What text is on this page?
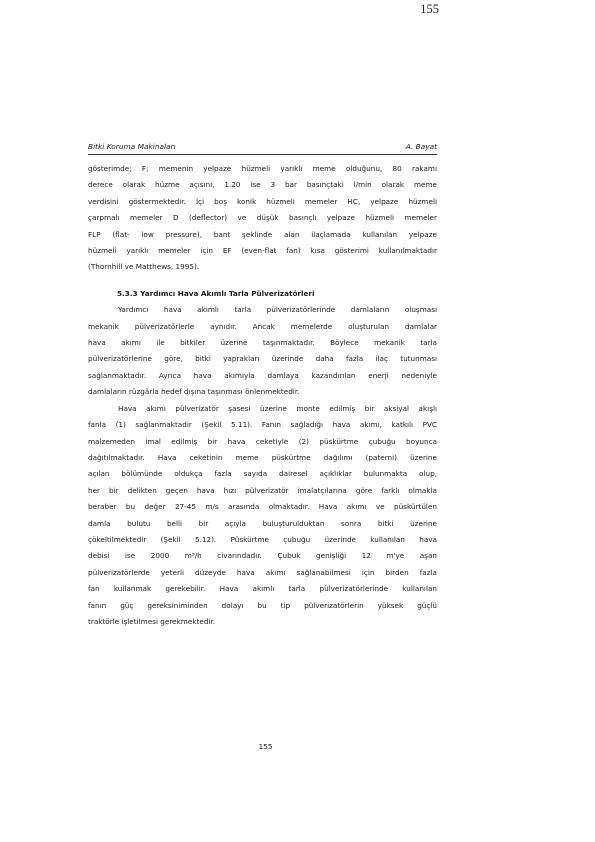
155
Bitki Koruma Makinaları	A. Bayat
gösterimde; F; memenin yelpaze hüzmeli yarıklı meme olduğunu, 80 rakamı
derece olarak hüzme açısını, 1.20 ise 3 bar basınçtaki l/min olarak meme
verdisini göstermektedir. İçi boş konik hüzmeli memeler HC, yelpaze hüzmeli
çarpmalı memeler D (deflector) ve düşük basınçlı yelpaze hüzmeli memeler
FLP (flat- low pressure), bant şeklinde alan ilaçlamada kullanılan yelpaze
hüzmeli yarıklı memeler için EF (even-flat fan) kısa gösterimi kullanılmaktadır
(Thornhill ve Matthews, 1995).
5.3.3 Yardımcı Hava Akımlı Tarla Pülverizatörleri
Yardımcı hava akımlı tarla pülverizatörlerinde damlaların oluşması
mekanik pülverizatörlerle aynıdır. Ancak memelerde oluşturulan damlalar
hava akımı ile bitkiler üzerine taşınmaktadır. Böylece mekanik tarla
pülverizatörlerine göre, bitki yaprakları üzerinde daha fazla ilaç tutunması
sağlanmaktadır. Ayrıca hava akımıyla damlaya kazandırılan enerji nedeniyle
damlaların rüzgârla hedef dışına taşınması önlenmektedir.
Hava akımı pülverizatör şasesi üzerine monte edilmiş bir aksiyal akışlı
fanla (1) sağlanmaktadır (Şekil 5.11). Fanın sağladığı hava akımı, katkılı PVC
malzemeden imal edilmiş bir hava ceketiyle (2) püskürtme çubuğu boyunca
dağıtılmaktadır. Hava ceketinin meme püskürtme dağılımı (paterni) üzerine
açılan bölümünde oldukça fazla sayıda dairesel açıklıklar bulunmakta olup,
her bir delikten geçen hava hızı pülverizatör imalatçılarına göre farklı olmakla
beraber bu değer 27-45 m/s arasında olmaktadır. Hava akımı ve püskürtülen
damla bulutu belli bir açıyla buluşturulduktan sonra bitki üzerine
çökeltilmektedir (Şekil 5.12). Püskürtme çubuğu üzerinde kullanılan hava
debisi ise 2000 m³/h civarındadır. Çubuk genişliği 12 m'ye aşan
pülverizatörlerde yeterli düzeyde hava akımı sağlanabilmesi için birden fazla
fan kullanmak gerekebilir. Hava akımlı tarla pülverizatörlerinde kullanılan
fanın güç gereksiniminden dolayı bu tip pülverizatörlerin yüksek güçlü
traktörle işletilmesi gerekmektedir.
155
